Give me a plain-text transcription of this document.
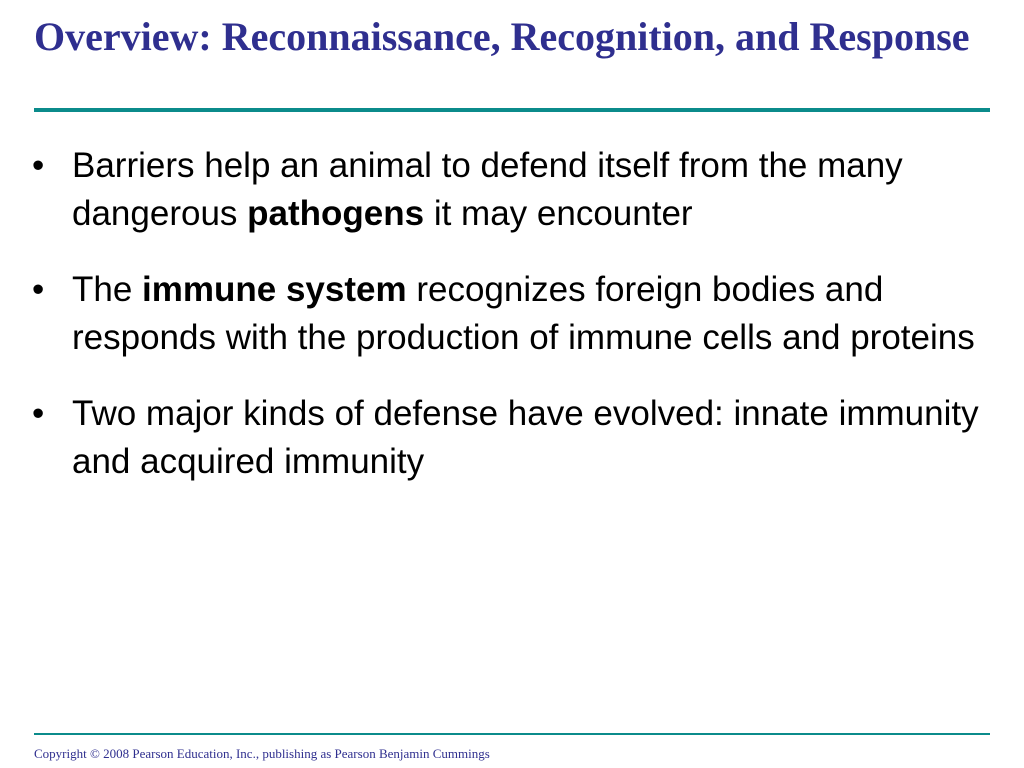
Overview: Reconnaissance, Recognition, and Response
• Barriers help an animal to defend itself from the many dangerous pathogens it may encounter
• The immune system recognizes foreign bodies and responds with the production of immune cells and proteins
• Two major kinds of defense have evolved: innate immunity and acquired immunity
Copyright © 2008 Pearson Education, Inc., publishing as Pearson Benjamin Cummings
